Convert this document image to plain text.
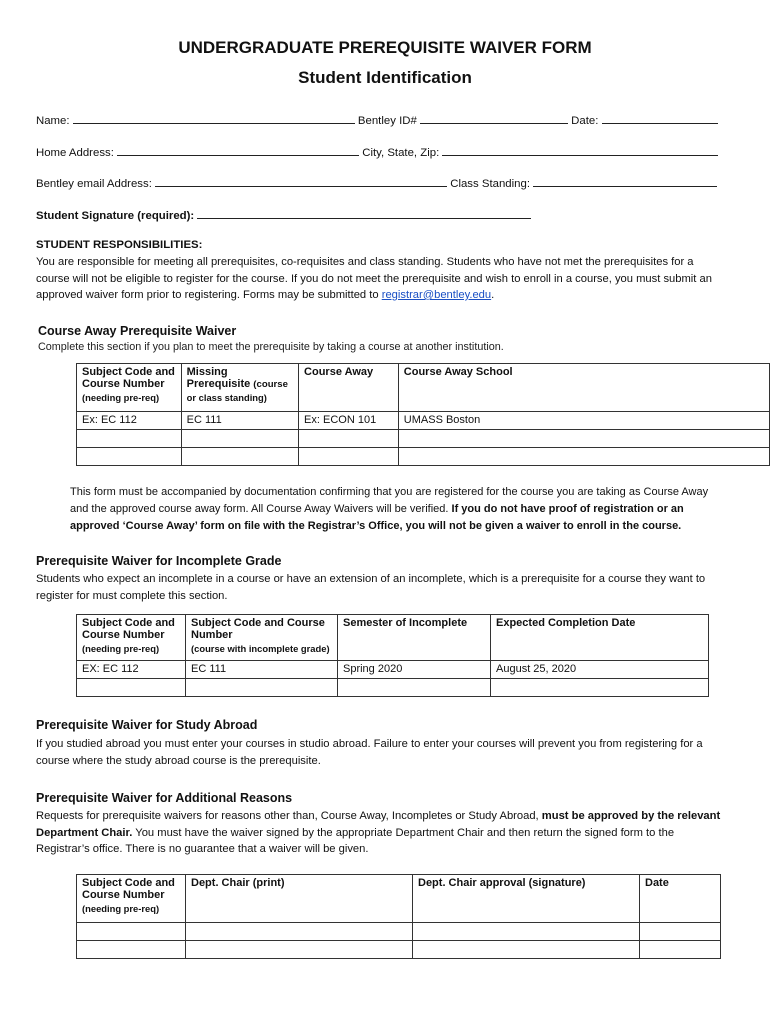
UNDERGRADUATE PREREQUISITE WAIVER FORM
Student Identification
Name:	Bentley ID#	Date:
Home Address:	City, State, Zip:
Bentley email Address:	Class Standing:
Student Signature (required):
STUDENT RESPONSIBILITIES:
You are responsible for meeting all prerequisites, co-requisites and class standing. Students who have not met the prerequisites for a course will not be eligible to register for the course. If you do not meet the prerequisite and wish to enroll in a course, you must submit an approved waiver form prior to registering. Forms may be submitted to registrar@bentley.edu.
Course Away Prerequisite Waiver
Complete this section if you plan to meet the prerequisite by taking a course at another institution.
Subject Code and Course Number
(needing pre-req)	Missing Prerequisite (course
or class standing)	Course Away	Course Away School
Ex: EC 112	EC 111	Ex: ECON 101	UMASS Boston

This form must be accompanied by documentation confirming that you are registered for the course you are taking as Course Away and the approved course away form. All Course Away Waivers will be verified. If you do not have proof of registration or an approved ‘Course Away’ form on file with the Registrar’s Office, you will not be given a waiver to enroll in the course.
Prerequisite Waiver for Incomplete Grade
Students who expect an incomplete in a course or have an extension of an incomplete, which is a prerequisite for a course they want to register for must complete this section.
Subject Code and Course Number
(needing pre-req)	Subject Code and Course Number
(course with incomplete grade)	Semester of Incomplete	Expected Completion Date
EX: EC 112	EC 111	Spring 2020	August 25, 2020

Prerequisite Waiver for Study Abroad
If you studied abroad you must enter your courses in studio abroad. Failure to enter your courses will prevent you from registering for a course where the study abroad course is the prerequisite.
Prerequisite Waiver for Additional Reasons
Requests for prerequisite waivers for reasons other than, Course Away, Incompletes or Study Abroad, must be approved by the relevant Department Chair. You must have the waiver signed by the appropriate Department Chair and then return the signed form to the Registrar’s office. There is no guarantee that a waiver will be given.
Subject Code and Course Number
(needing pre-req)	Dept. Chair (print)	Dept. Chair approval (signature)	Date
